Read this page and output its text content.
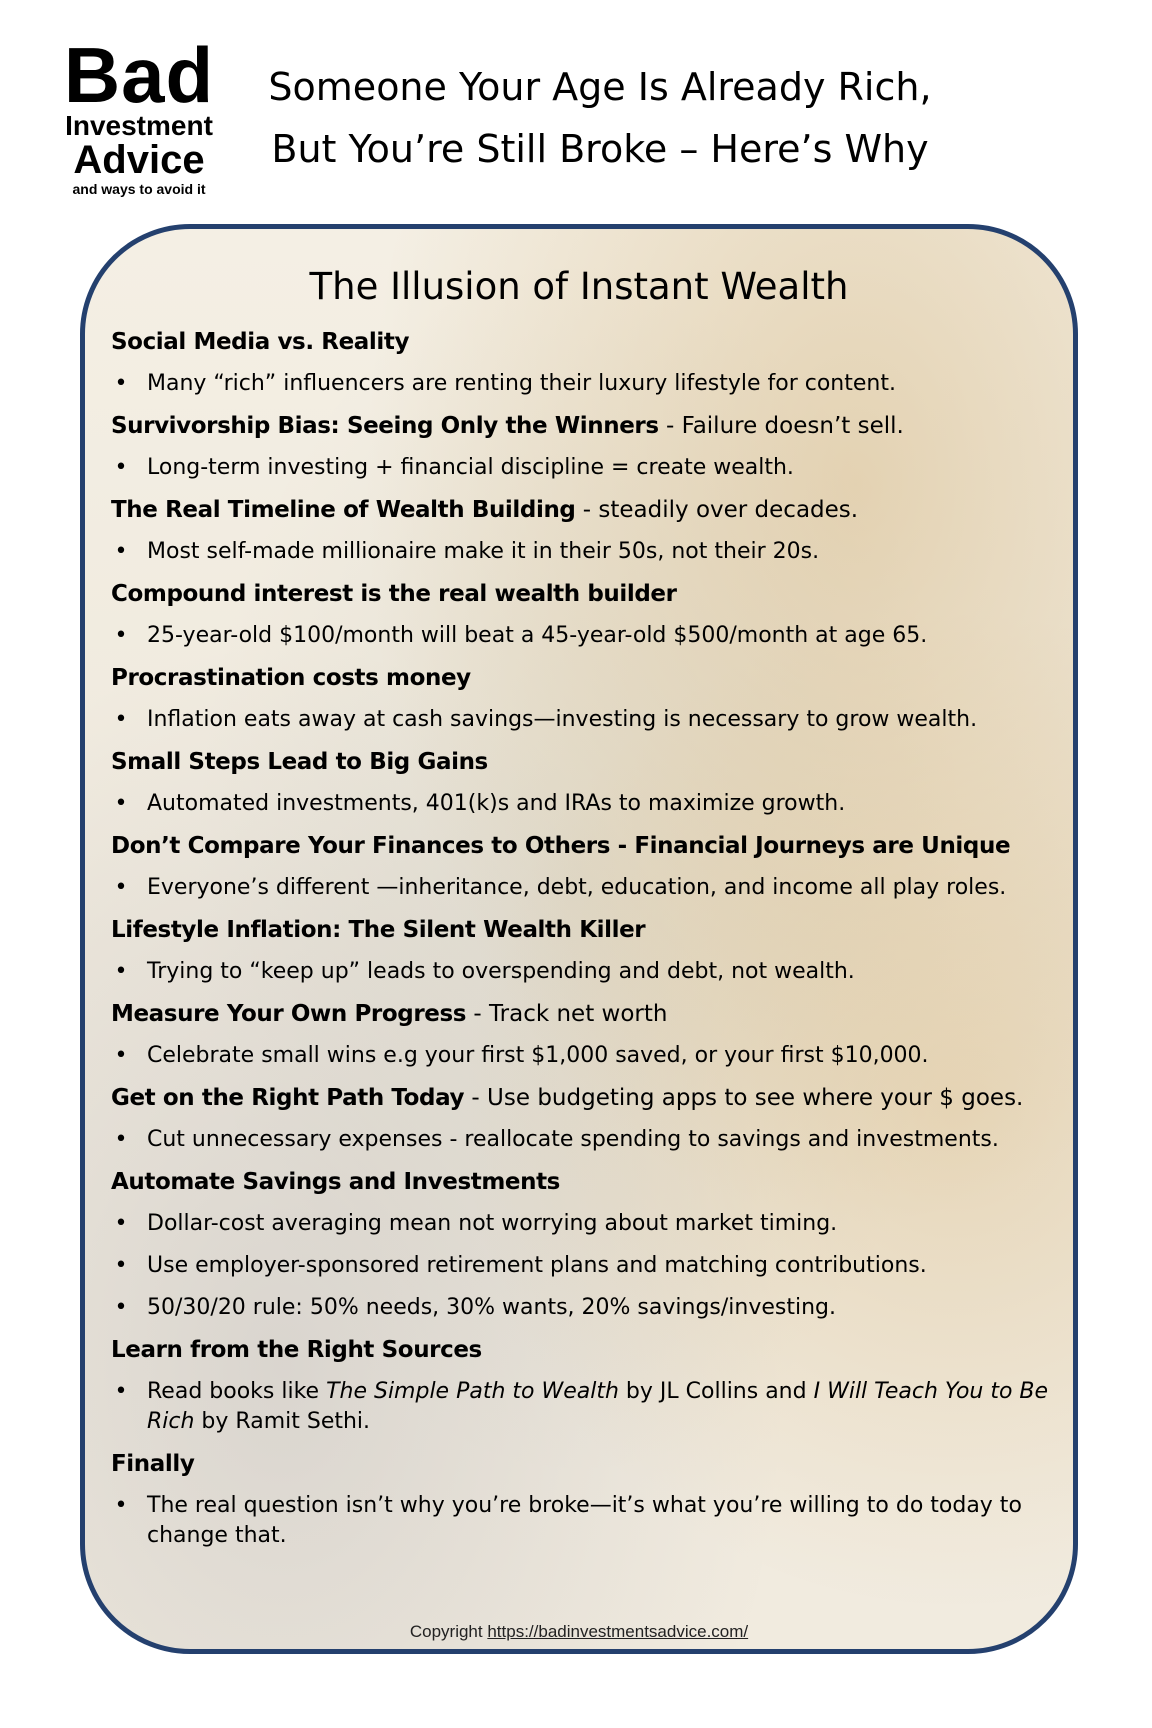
Bad
Investment
Advice
and ways to avoid it
Someone Your Age Is Already Rich,
But You’re Still Broke – Here’s Why
The Illusion of Instant Wealth
Social Media vs. Reality
• Many “rich” influencers are renting their luxury lifestyle for content.
Survivorship Bias: Seeing Only the Winners - Failure doesn’t sell.
• Long-term investing + financial discipline = create wealth.
The Real Timeline of Wealth Building - steadily over decades.
• Most self-made millionaire make it in their 50s, not their 20s.
Compound interest is the real wealth builder
• 25-year-old $100/month will beat a 45-year-old $500/month at age 65.
Procrastination costs money
• Inflation eats away at cash savings—investing is necessary to grow wealth.
Small Steps Lead to Big Gains
• Automated investments, 401(k)s and IRAs to maximize growth.
Don’t Compare Your Finances to Others - Financial Journeys are Unique
• Everyone’s different —inheritance, debt, education, and income all play roles.
Lifestyle Inflation: The Silent Wealth Killer
• Trying to “keep up” leads to overspending and debt, not wealth.
Measure Your Own Progress - Track net worth
• Celebrate small wins e.g your first $1,000 saved, or your first $10,000.
Get on the Right Path Today - Use budgeting apps to see where your $ goes.
• Cut unnecessary expenses - reallocate spending to savings and investments.
Automate Savings and Investments
• Dollar-cost averaging mean not worrying about market timing.
• Use employer-sponsored retirement plans and matching contributions.
• 50/30/20 rule: 50% needs, 30% wants, 20% savings/investing.
Learn from the Right Sources
• Read books like The Simple Path to Wealth by JL Collins and I Will Teach You to Be Rich by Ramit Sethi.
Finally
• The real question isn’t why you’re broke—it’s what you’re willing to do today to change that.
Copyright https://badinvestmentsadvice.com/
